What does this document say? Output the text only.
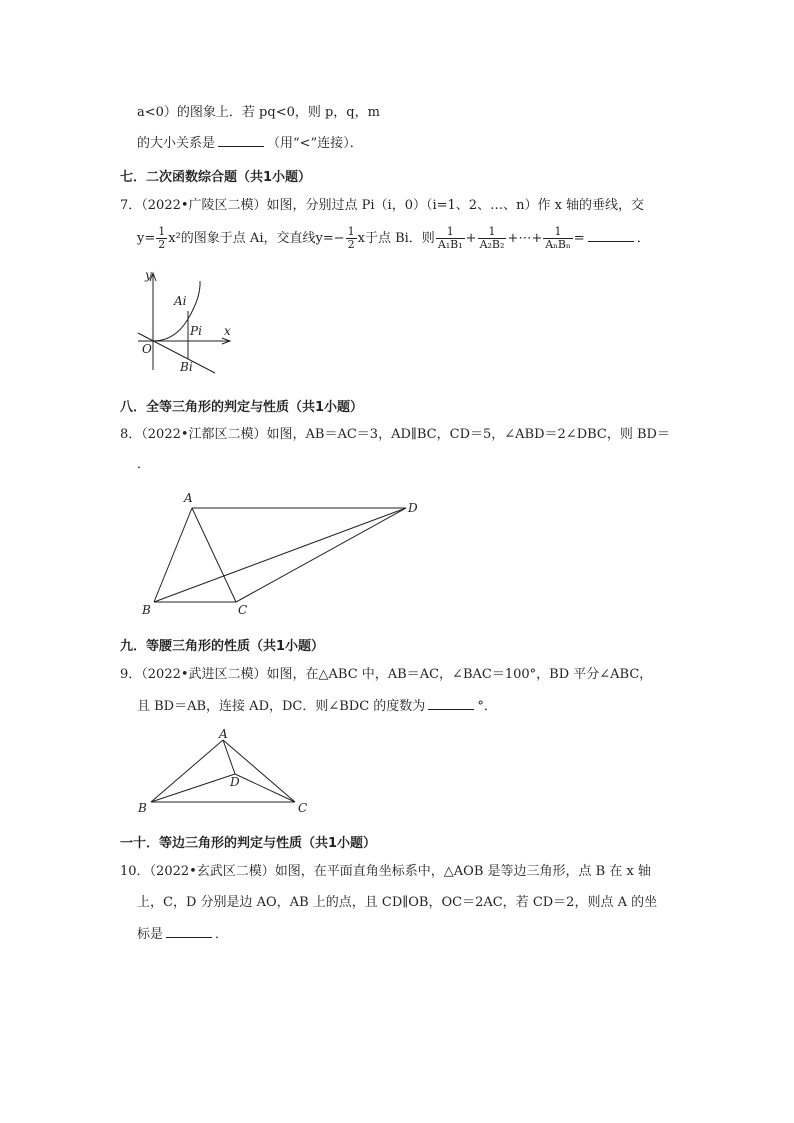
a<0）的图象上．若 pq<0，则 p，q，m
的大小关系是	（用“<”连接）．
七．二次函数综合题（共1小题）
7．（2022•广陵区二模）如图，分别过点 Pi（i，0）（i=1、2、…、n）作 x 轴的垂线，交
$y= \frac{1}{2} x^2$的图象于点 Ai，交直线$y=- \frac{1}{2}$ x于点 Bi．则 $\frac{1}{\text{A₁B₁}} + \frac{1}{\text{A₂B₂}}$ +⋯+ $\frac{1}{\text{AₙBₙ}}$ =	．
y
x
O
Ai
Pi
Bi
八．全等三角形的判定与性质（共1小题）
8．（2022•江都区二模）如图，AB＝AC＝3，AD∥BC，CD＝5，∠ABD＝2∠DBC，则 BD＝
．
A
D
B	C
九．等腰三角形的性质（共1小题）
9．（2022•武进区二模）如图，在△ABC 中，AB＝AC，∠BAC＝100°，BD 平分∠ABC，
且 BD＝AB，连接 AD，DC．则∠BDC 的度数为	°．
A
D
B	C
一十．等边三角形的判定与性质（共1小题）
10．（2022•玄武区二模）如图，在平面直角坐标系中，△AOB 是等边三角形，点 B 在 x 轴
上，C，D 分别是边 AO，AB 上的点，且 CD∥OB，OC＝2AC，若 CD＝2，则点 A 的坐
标是	．
